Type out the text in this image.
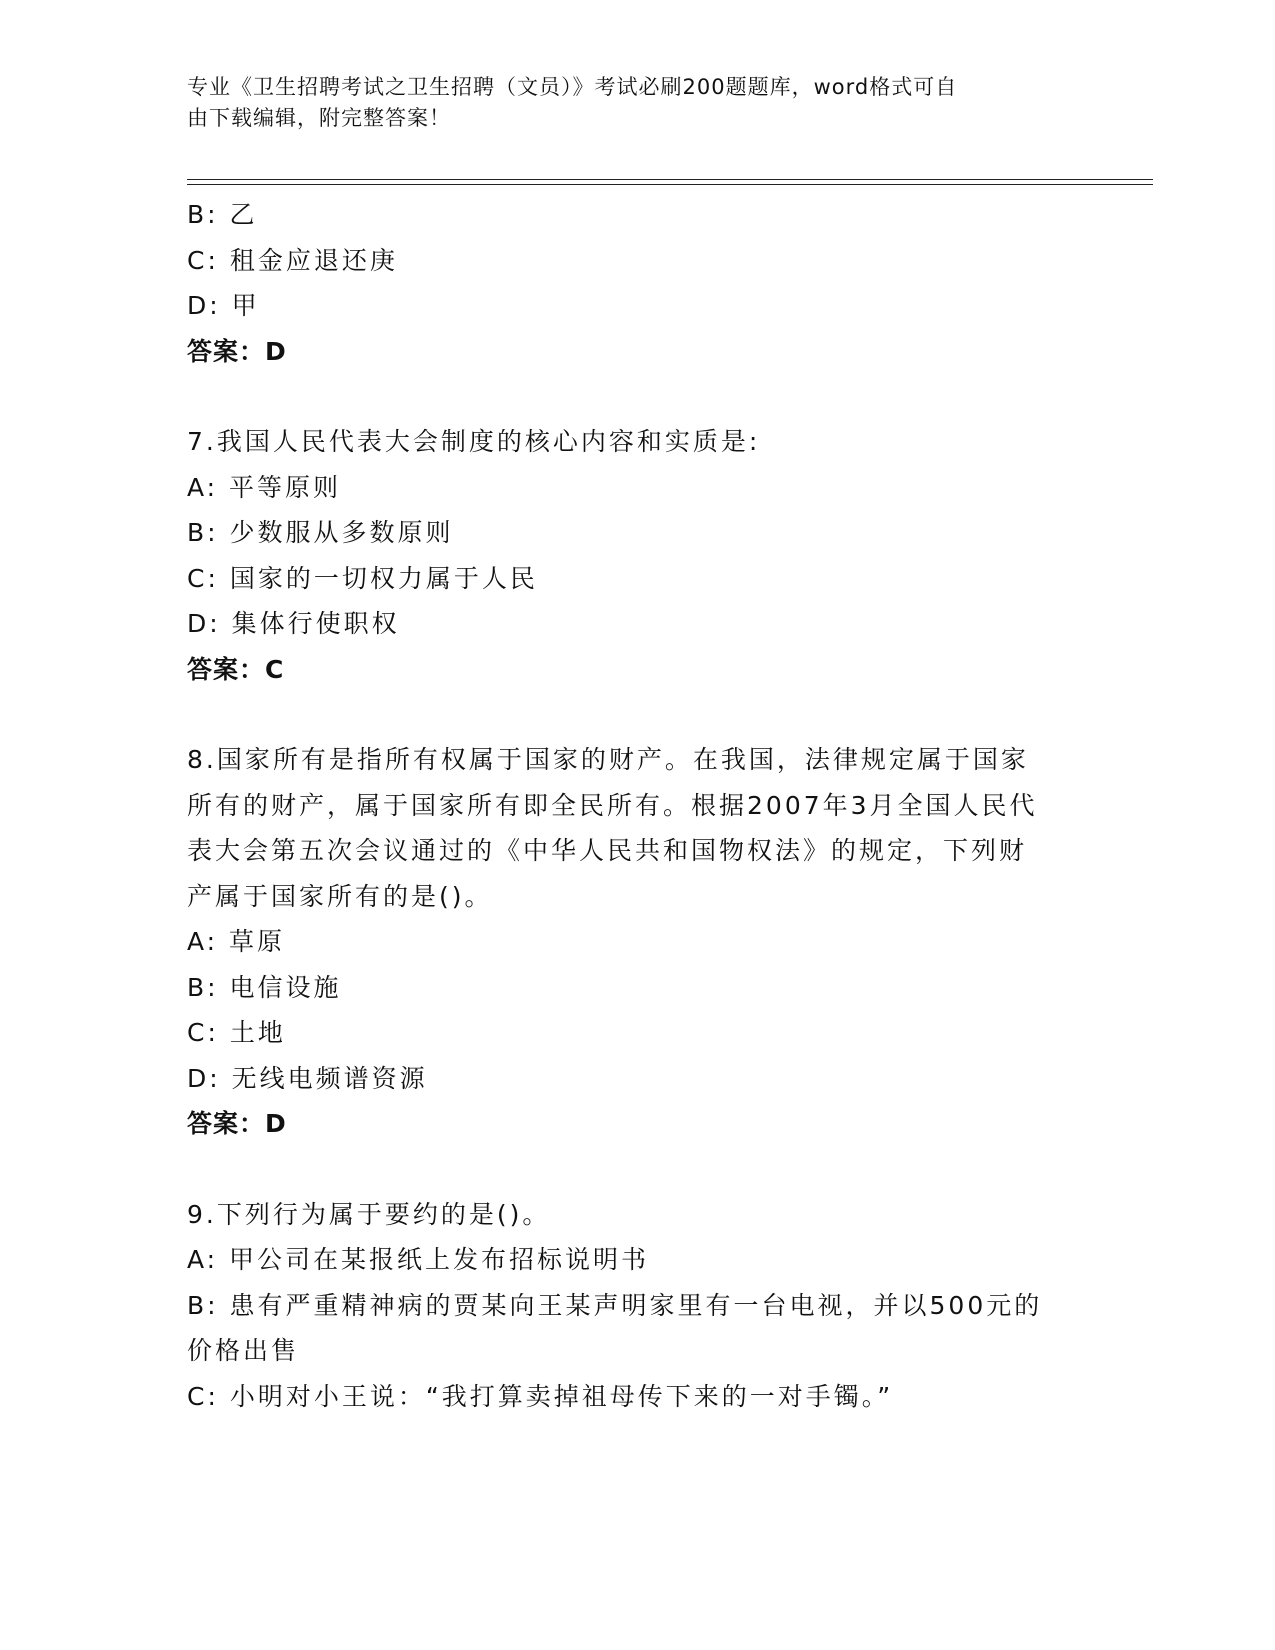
专业《卫生招聘考试之卫生招聘（文员）》考试必刷200题题库，word格式可自
由下载编辑，附完整答案！
B: 乙
C: 租金应退还庚
D: 甲
答案：D
7.我国人民代表大会制度的核心内容和实质是:
A: 平等原则
B: 少数服从多数原则
C: 国家的一切权力属于人民
D: 集体行使职权
答案：C
8.国家所有是指所有权属于国家的财产。在我国，法律规定属于国家
所有的财产，属于国家所有即全民所有。根据2007年3月全国人民代
表大会第五次会议通过的《中华人民共和国物权法》的规定，下列财
产属于国家所有的是()。
A: 草原
B: 电信设施
C: 土地
D: 无线电频谱资源
答案：D
9.下列行为属于要约的是()。
A: 甲公司在某报纸上发布招标说明书
B: 患有严重精神病的贾某向王某声明家里有一台电视，并以500元的
价格出售
C: 小明对小王说：“我打算卖掉祖母传下来的一对手镯。”
